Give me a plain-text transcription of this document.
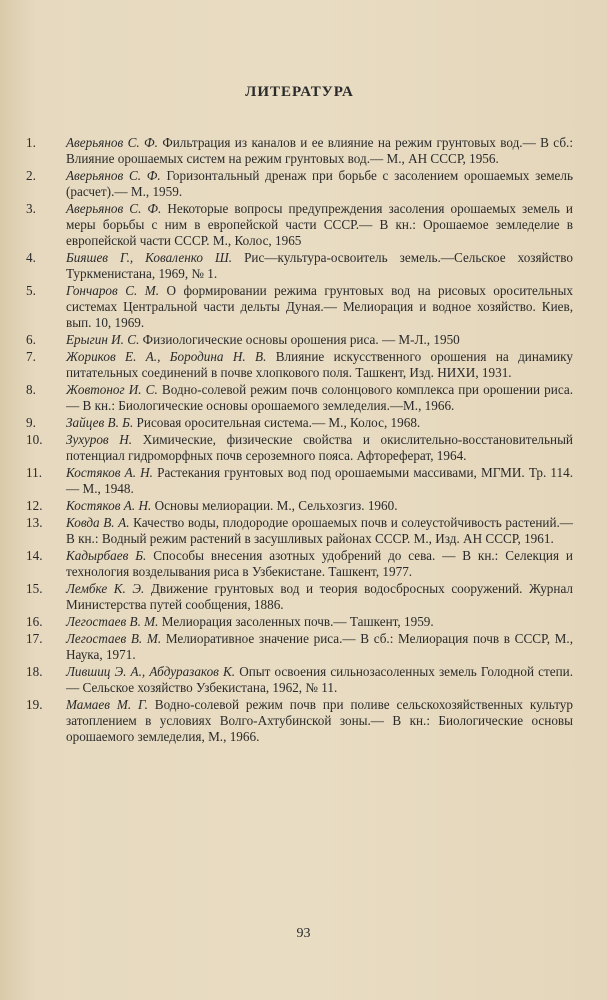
ЛИТЕРАТУРА
1.	Аверьянов С. Ф. Фильтрация из каналов и ее влияние на режим грунтовых вод.— В сб.: Влияние орошаемых систем на режим грунтовых вод.— М., АН СССР, 1956.
2.	Аверьянов С. Ф. Горизонтальный дренаж при борьбе с засолением орошаемых земель (расчет).— М., 1959.
3.	Аверьянов С. Ф. Некоторые вопросы предупреждения засоления орошаемых земель и меры борьбы с ним в европейской части СССР.— В кн.: Орошаемое земледелие в европейской части СССР. М., Колос, 1965
4.	Бияшев Г., Коваленко Ш. Рис—культура-освоитель земель.—Сельское хозяйство Туркменистана, 1969, № 1.
5.	Гончаров С. М. О формировании режима грунтовых вод на рисовых оросительных системах Центральной части дельты Дуная.— Мелиорация и водное хозяйство. Киев, вып. 10, 1969.
6.	Ерыгин И. С. Физиологические основы орошения риса. — М-Л., 1950
7.	Жориков Е. А., Бородина Н. В. Влияние искусственного орошения на динамику питательных соединений в почве хлопкового поля. Ташкент, Изд. НИХИ, 1931.
8.	Жовтоног И. С. Водно-солевой режим почв солонцового комплекса при орошении риса.— В кн.: Биологические основы орошаемого земледелия.—М., 1966.
9.	Зайцев В. Б. Рисовая оросительная система.— М., Колос, 1968.
10.	Зухуров Н. Химические, физические свойства и окислительно-восстановительный потенциал гидроморфных почв сероземного пояса. Афтореферат, 1964.
11.	Костяков А. Н. Растекания грунтовых вод под орошаемыми массивами, МГМИ. Тр. 114.— М., 1948.
12.	Костяков А. Н. Основы мелиорации. М., Сельхозгиз. 1960.
13.	Ковда В. А. Качество воды, плодородие орошаемых почв и солеустойчивость растений.— В кн.: Водный режим растений в засушливых районах СССР. М., Изд. АН СССР, 1961.
14.	Кадырбаев Б. Способы внесения азотных удобрений до сева. — В кн.: Селекция и технология возделывания риса в Узбекистане. Ташкент, 1977.
15.	Лембке К. Э. Движение грунтовых вод и теория водосбросных сооружений. Журнал Министерства путей сообщения, 1886.
16.	Легостаев В. М. Мелиорация засоленных почв.— Ташкент, 1959.
17.	Легостаев В. М. Мелиоративное значение риса.— В сб.: Мелиорация почв в СССР, М., Наука, 1971.
18.	Лившиц Э. А., Абдуразаков К. Опыт освоения сильнозасоленных земель Голодной степи.— Сельское хозяйство Узбекистана, 1962, № 11.
19.	Мамаев М. Г. Водно-солевой режим почв при поливе сельскохозяйственных культур затоплением в условиях Волго-Ахтубинской зоны.— В кн.: Биологические основы орошаемого земледелия, М., 1966.
93
